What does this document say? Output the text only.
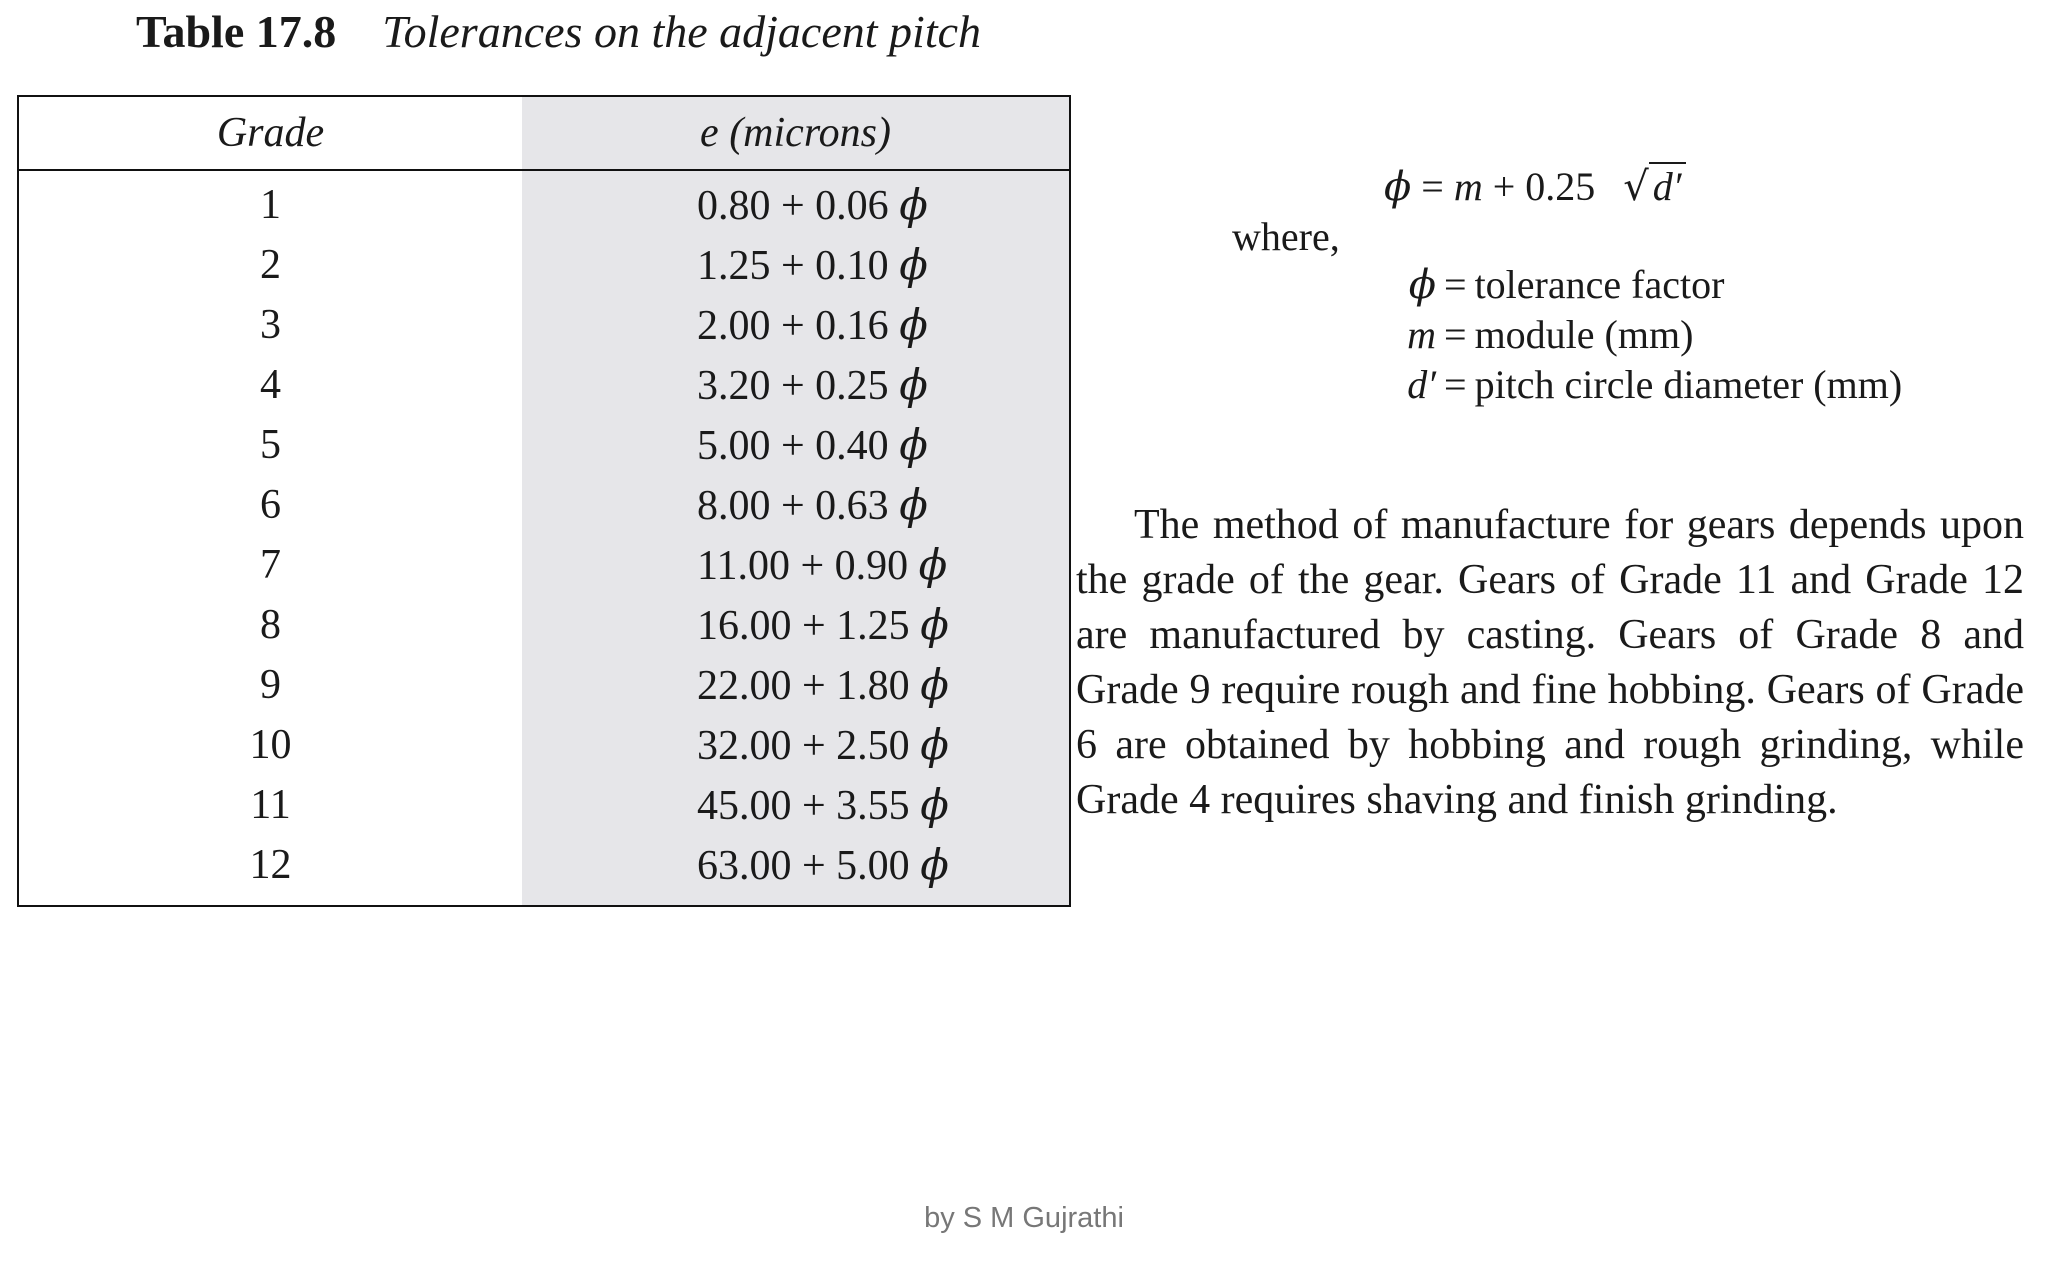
Table 17.8 Tolerances on the adjacent pitch
Grade	e (microns)
1	0.80 + 0.06 ϕ
2	1.25 + 0.10 ϕ
3	2.00 + 0.16 ϕ
4	3.20 + 0.25 ϕ
5	5.00 + 0.40 ϕ
6	8.00 + 0.63 ϕ
7	11.00 + 0.90 ϕ
8	16.00 + 1.25 ϕ
9	22.00 + 1.80 ϕ
10	32.00 + 2.50 ϕ
11	45.00 + 3.55 ϕ
12	63.00 + 5.00 ϕ
ϕ = m + 0.25 √ d′
where,
ϕ = tolerance factor
m = module (mm)
d′ = pitch circle diameter (mm)

The method of manufacture for gears depends upon the grade of the gear. Gears of Grade 11 and Grade 12 are manufactured by casting. Gears of Grade 8 and Grade 9 require rough and fine hobbing. Gears of Grade 6 are obtained by hobbing and rough grinding, while Grade 4 requires shaving and finish grinding.

by S M Gujrathi
